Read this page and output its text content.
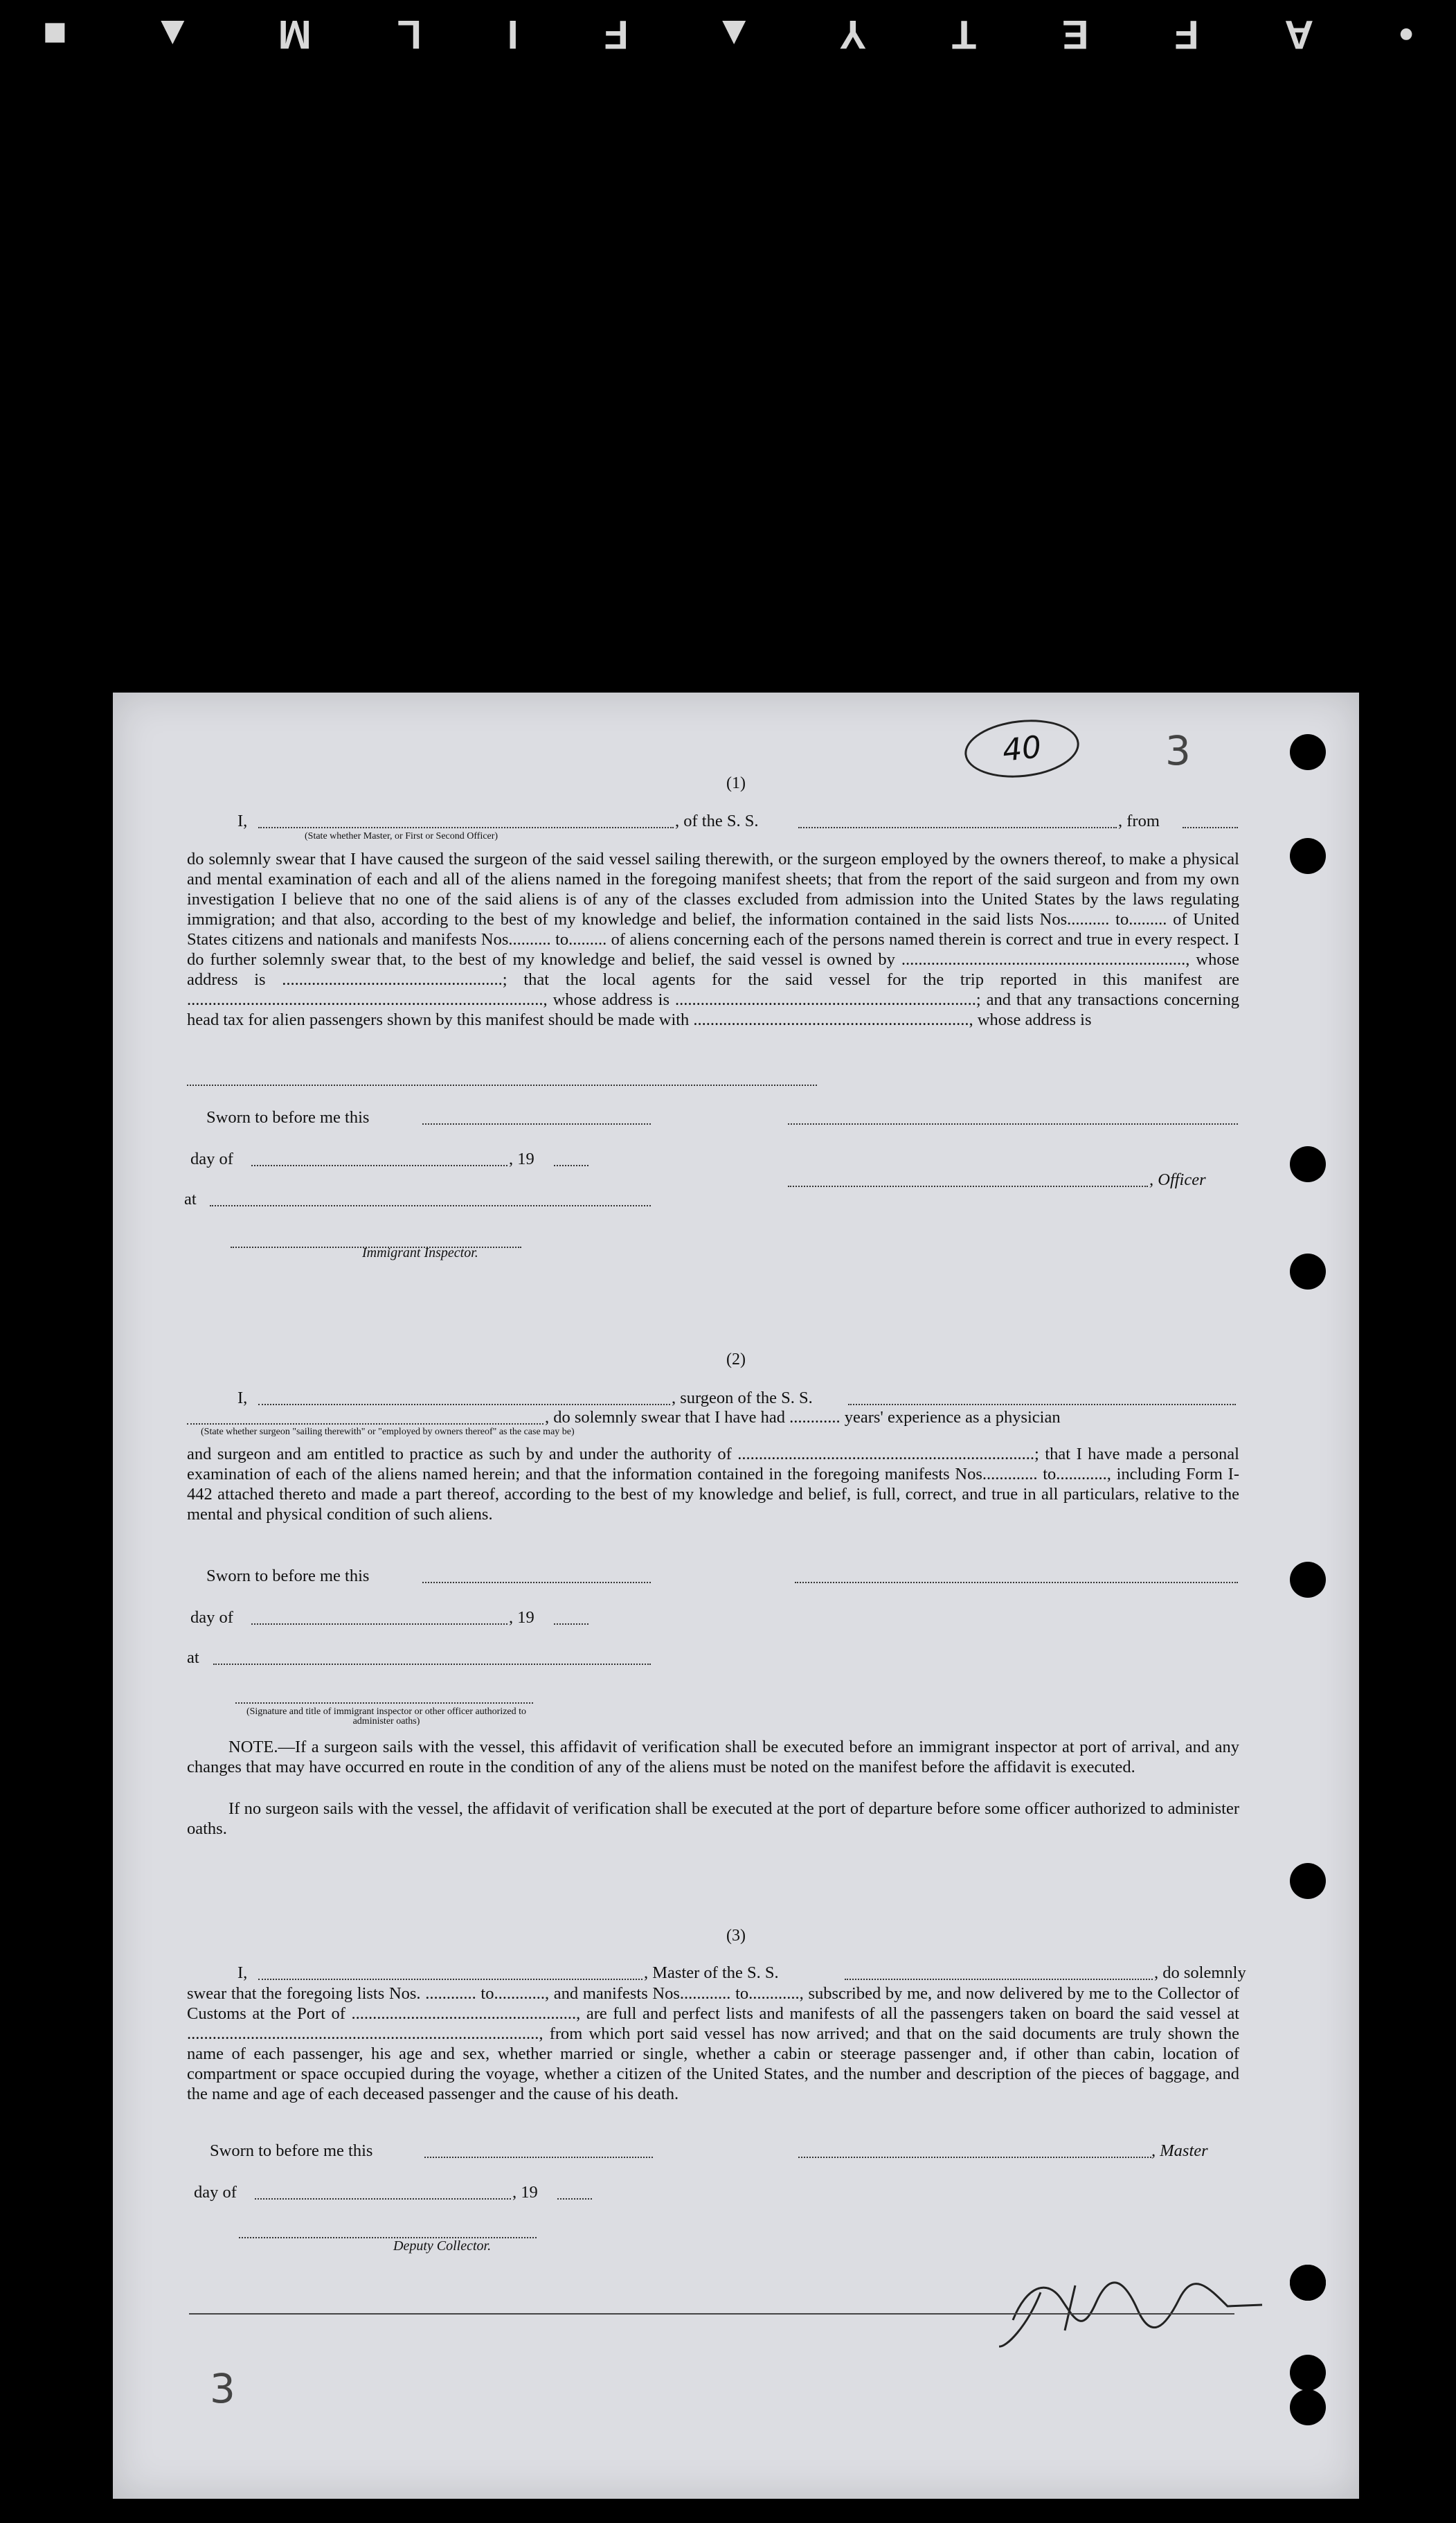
•
A
F
E
T
Y
▲
F
I
L
M
▲
■
40	3
3
(1)
I,	, of the S. S.	, from
(State whether Master, or First or Second Officer)

do solemnly swear that I have caused the surgeon of the said vessel sailing therewith, or the surgeon employed by the owners thereof, to make a physical and mental examination of each and all of the aliens named in the foregoing manifest sheets; that from the report of the said surgeon and from my own investigation I believe that no one of the said aliens is of any of the classes excluded from admission into the United States by the laws regulating immigration; and that also, according to the best of my knowledge and belief, the information contained in the said lists Nos.......... to......... of United States citizens and nationals and manifests Nos.......... to......... of aliens concerning each of the persons named therein is correct and true in every respect. I do further solemnly swear that, to the best of my knowledge and belief, the said vessel is owned by ..................................................................., whose address is ....................................................; that the local agents for the said vessel for the trip reported in this manifest are ...................................................................................., whose address is .......................................................................; and that any transactions concerning head tax for alien passengers shown by this manifest should be made with ................................................................., whose address is

Sworn to before me this
day of	, 19
, Officer
at
Immigrant Inspector.
(2)
I,	, surgeon of the S. S.
, do solemnly swear that I have had ............ years' experience as a physician
(State whether surgeon "sailing therewith" or "employed by owners thereof" as the case may be)

and surgeon and am entitled to practice as such by and under the authority of ......................................................................; that I have made a personal examination of each of the aliens named herein; and that the information contained in the foregoing manifests Nos............. to............, including Form I-442 attached thereto and made a part thereof, according to the best of my knowledge and belief, is full, correct, and true in all particulars, relative to the mental and physical condition of such aliens.

Sworn to before me this
day of	, 19
at
(Signature and title of immigrant inspector or other officer authorized to administer oaths)

NOTE.—If a surgeon sails with the vessel, this affidavit of verification shall be executed before an immigrant inspector at port of arrival, and any changes that may have occurred en route in the condition of any of the aliens must be noted on the manifest before the affidavit is executed.

If no surgeon sails with the vessel, the affidavit of verification shall be executed at the port of departure before some officer authorized to administer oaths.

(3)
I,	, Master of the S. S.	, do solemnly

swear that the foregoing lists Nos. ............ to............, and manifests Nos............ to............, subscribed by me, and now delivered by me to the Collector of Customs at the Port of ....................................................., are full and perfect lists and manifests of all the passengers taken on board the said vessel at ..................................................................................., from which port said vessel has now arrived; and that on the said documents are truly shown the name of each passenger, his age and sex, whether married or single, whether a cabin or steerage passenger and, if other than cabin, location of compartment or space occupied during the voyage, whether a citizen of the United States, and the number and description of the pieces of baggage, and the name and age of each deceased passenger and the cause of his death.

Sworn to before me this	, Master
day of	, 19
Deputy Collector.
